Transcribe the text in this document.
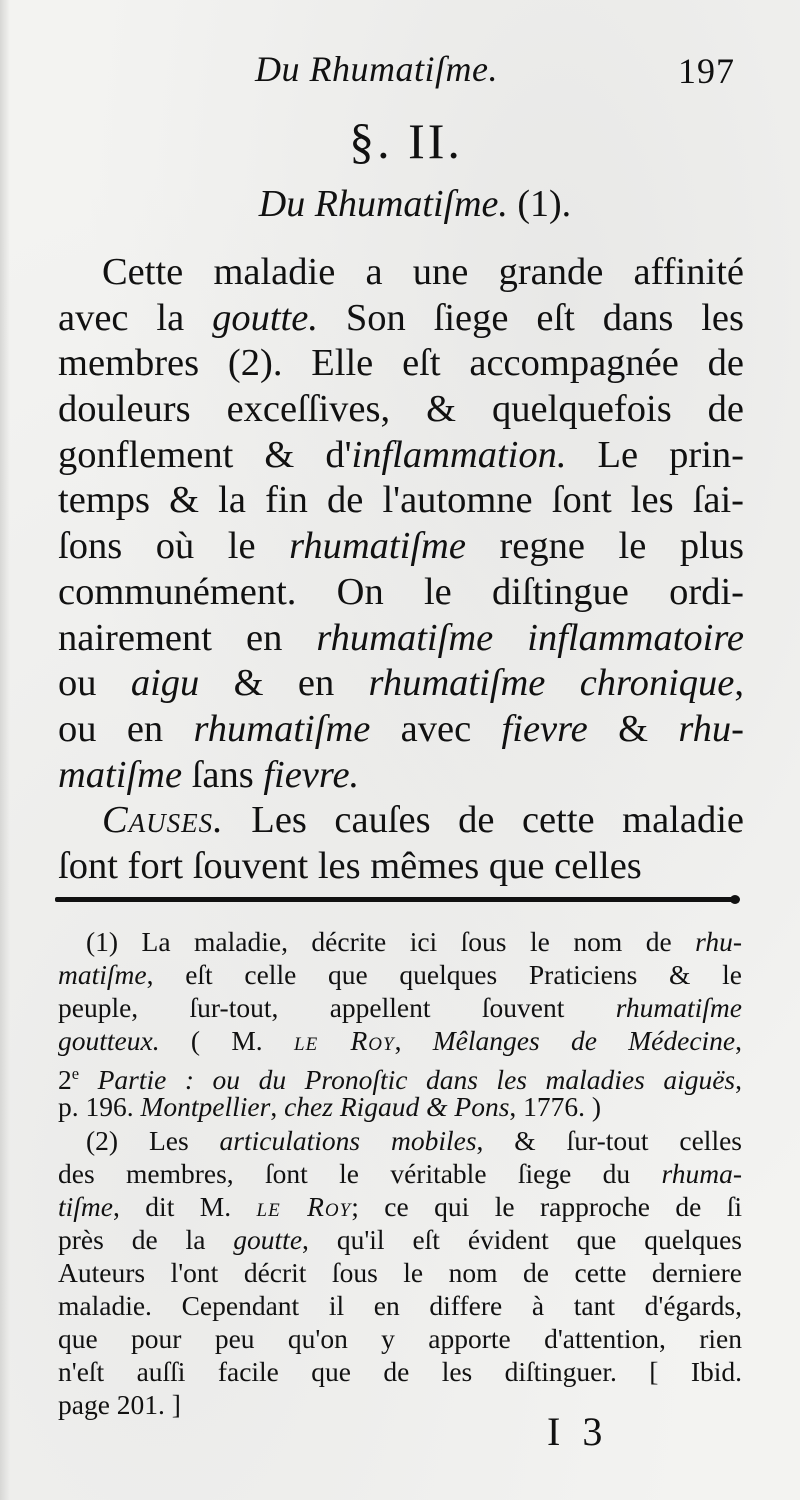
Du Rhumatiſme.	197
§. II.
Du Rhumatiſme. (1).
Cette maladie a une grande affinité
avec la goutte. Son ſiege eſt dans les
membres (2). Elle eſt accompagnée de
douleurs exceſſives, & quelquefois de
gonflement & d'inflammation. Le prin-
temps & la fin de l'automne ſont les ſai-
ſons où le rhumatiſme regne le plus
communément. On le diſtingue ordi-
nairement en rhumatiſme inflammatoire
ou aigu & en rhumatiſme chronique,
ou en rhumatiſme avec fievre & rhu-
matiſme ſans fievre.
Causes. Les cauſes de cette maladie
ſont fort ſouvent les mêmes que celles
(1) La maladie, décrite ici ſous le nom de rhu-
matiſme, eſt celle que quelques Praticiens & le
peuple, ſur-tout, appellent ſouvent rhumatiſme
goutteux. ( M. le Roy, Mêlanges de Médecine,
2e Partie : ou du Pronoſtic dans les maladies aiguës,
p. 196. Montpellier, chez Rigaud & Pons, 1776. )
(2) Les articulations mobiles, & ſur-tout celles
des membres, ſont le véritable ſiege du rhuma-
tiſme, dit M. le Roy; ce qui le rapproche de ſi
près de la goutte, qu'il eſt évident que quelques
Auteurs l'ont décrit ſous le nom de cette derniere
maladie. Cependant il en differe à tant d'égards,
que pour peu qu'on y apporte d'attention, rien
n'eſt auſſi facile que de les diſtinguer. [ Ibid.
page 201. ]
I 3
